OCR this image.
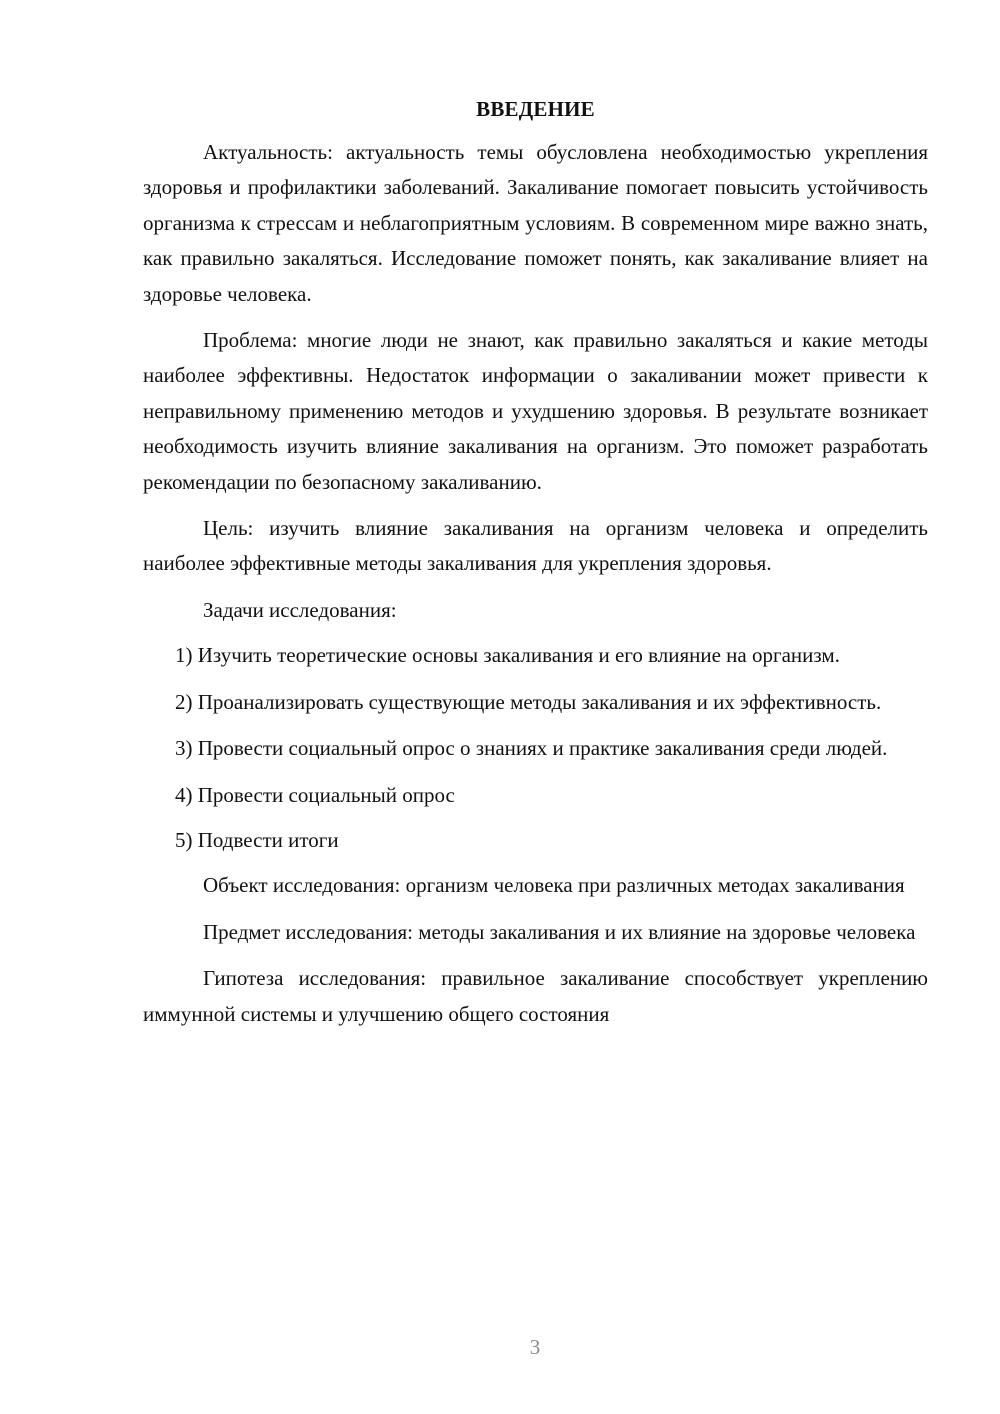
ВВЕДЕНИЕ

Актуальность: актуальность темы обусловлена необходимостью укрепления здоровья и профилактики заболеваний. Закаливание помогает повысить устойчивость организма к стрессам и неблагоприятным условиям. В современном мире важно знать, как правильно закаляться. Исследование поможет понять, как закаливание влияет на здоровье человека.

Проблема: многие люди не знают, как правильно закаляться и какие методы наиболее эффективны. Недостаток информации о закаливании может привести к неправильному применению методов и ухудшению здоровья. В результате возникает необходимость изучить влияние закаливания на организм. Это поможет разработать рекомендации по безопасному закаливанию.

Цель: изучить влияние закаливания на организм человека и определить наиболее эффективные методы закаливания для укрепления здоровья.

Задачи исследования:

1) Изучить теоретические основы закаливания и его влияние на организм.

2) Проанализировать существующие методы закаливания и их эффективность.

3) Провести социальный опрос о знаниях и практике закаливания среди людей.

4) Провести социальный опрос

5) Подвести итоги

Объект исследования: организм человека при различных методах закаливания

Предмет исследования: методы закаливания и их влияние на здоровье человека

Гипотеза исследования: правильное закаливание способствует укреплению иммунной системы и улучшению общего состояния

3
